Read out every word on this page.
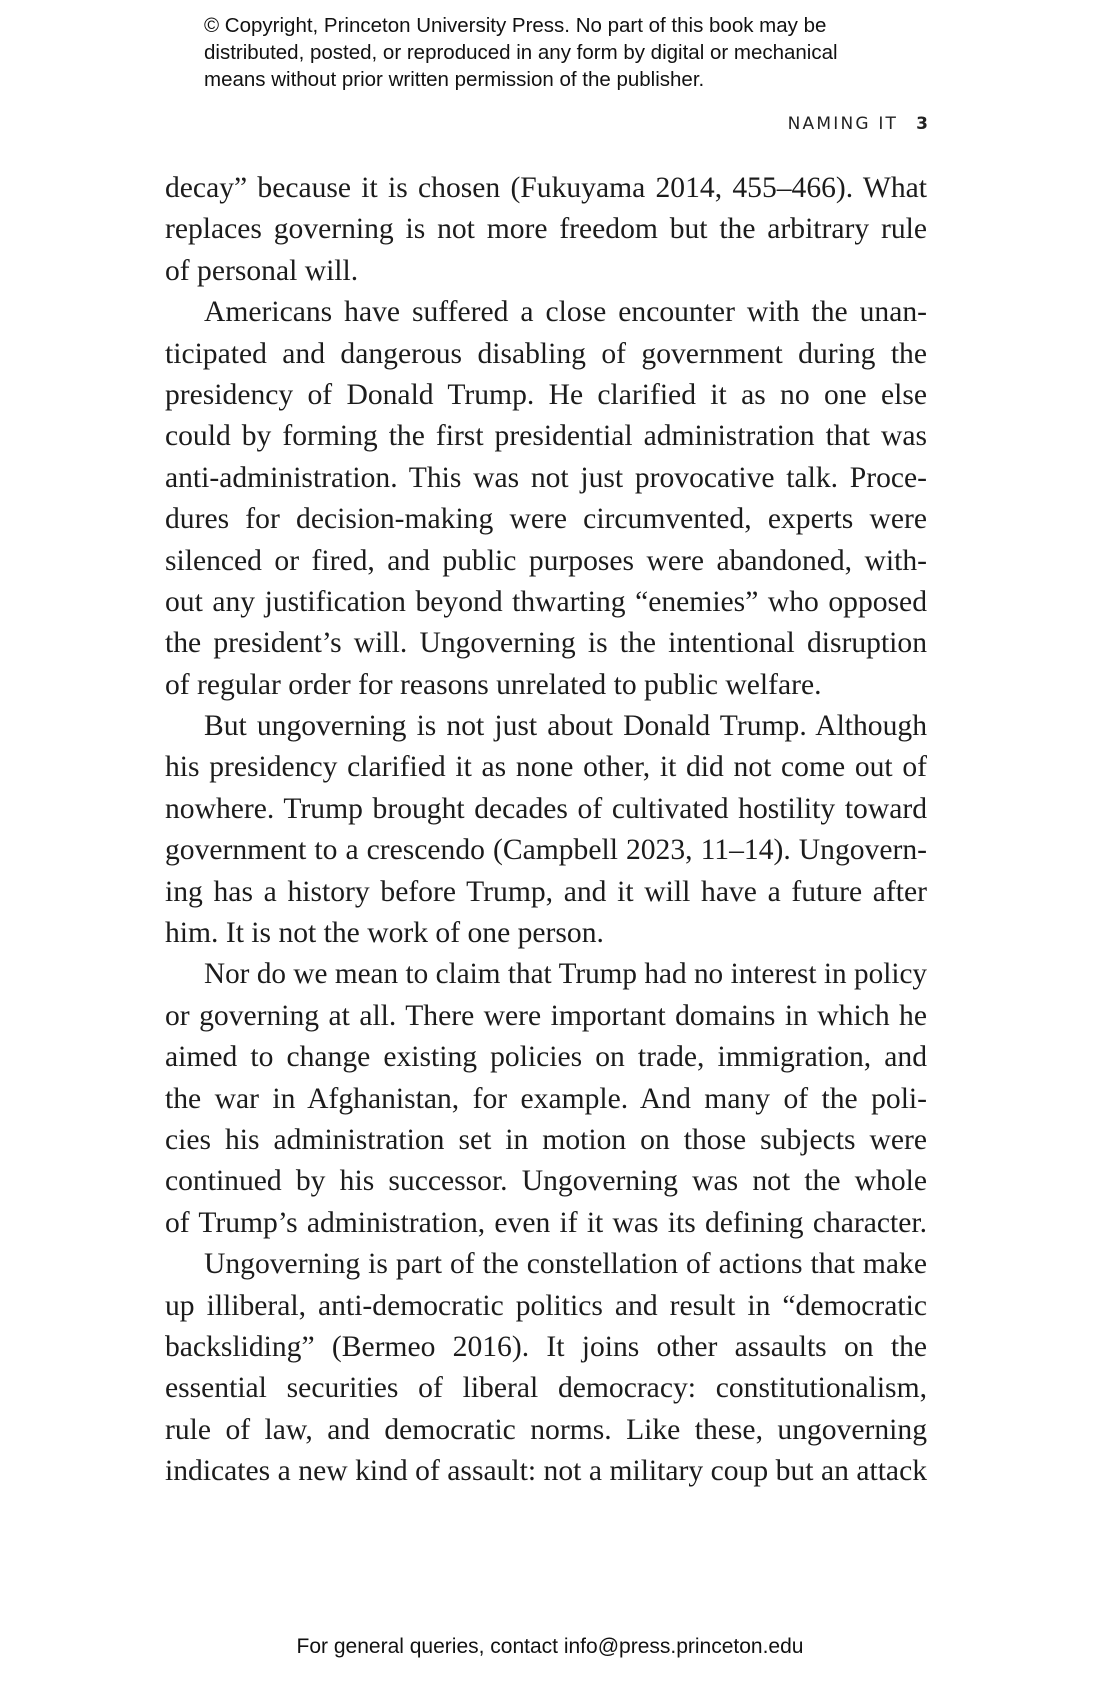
© Copyright, Princeton University Press. No part of this book may be
distributed, posted, or reproduced in any form by digital or mechanical
means without prior written permission of the publisher.
NAMING IT 3
decay” because it is chosen (Fukuyama 2014, 455–466). What
replaces governing is not more freedom but the arbitrary rule
of personal will.
Americans have suffered a close encounter with the unan-
ticipated and dangerous disabling of government during the
presidency of Donald Trump. He clarified it as no one else
could by forming the first presidential administration that was
anti-administration. This was not just provocative talk. Proce-
dures for decision-making were circumvented, experts were
silenced or fired, and public purposes were abandoned, with-
out any justification beyond thwarting “enemies” who opposed
the president’s will. Ungoverning is the intentional disruption
of regular order for reasons unrelated to public welfare.
But ungoverning is not just about Donald Trump. Although
his presidency clarified it as none other, it did not come out of
nowhere. Trump brought decades of cultivated hostility toward
government to a crescendo (Campbell 2023, 11–14). Ungovern-
ing has a history before Trump, and it will have a future after
him. It is not the work of one person.
Nor do we mean to claim that Trump had no interest in policy
or governing at all. There were important domains in which he
aimed to change existing policies on trade, immigration, and
the war in Afghanistan, for example. And many of the poli-
cies his administration set in motion on those subjects were
continued by his successor. Ungoverning was not the whole
of Trump’s administration, even if it was its defining character.
Ungoverning is part of the constellation of actions that make
up illiberal, anti-democratic politics and result in “democratic
backsliding” (Bermeo 2016). It joins other assaults on the
essential securities of liberal democracy: constitutionalism,
rule of law, and democratic norms. Like these, ungoverning
indicates a new kind of assault: not a military coup but an attack
For general queries, contact info@press.princeton.edu
